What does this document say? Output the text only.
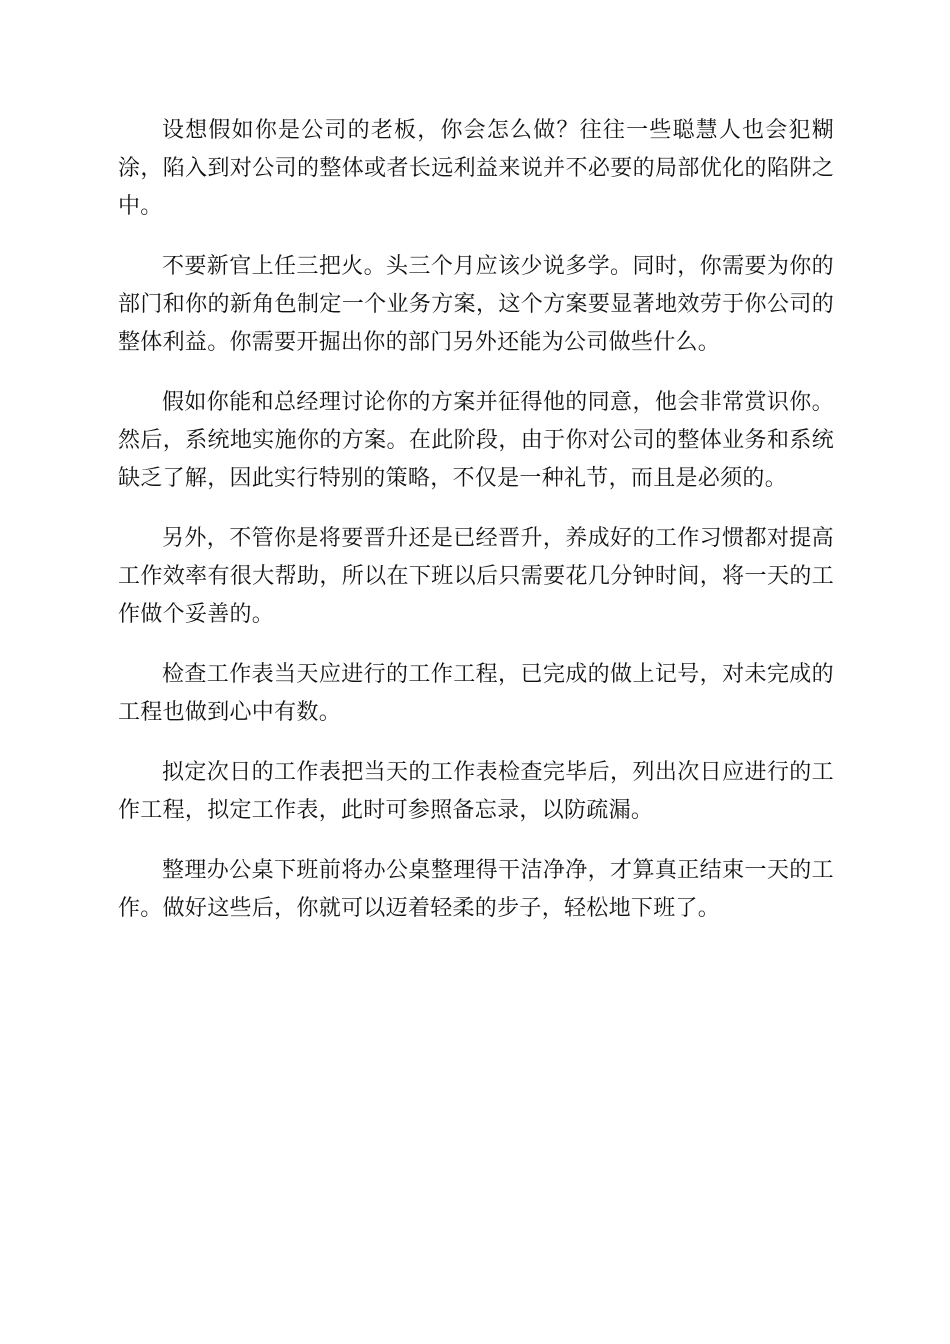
设想假如你是公司的老板，你会怎么做？往往一些聪慧人也会犯糊涂，陷入到对公司的整体或者长远利益来说并不必要的局部优化的陷阱之中。

不要新官上任三把火。头三个月应该少说多学。同时，你需要为你的部门和你的新角色制定一个业务方案，这个方案要显著地效劳于你公司的整体利益。你需要开掘出你的部门另外还能为公司做些什么。

假如你能和总经理讨论你的方案并征得他的同意，他会非常赏识你。然后，系统地实施你的方案。在此阶段，由于你对公司的整体业务和系统缺乏了解，因此实行特别的策略，不仅是一种礼节，而且是必须的。

另外，不管你是将要晋升还是已经晋升，养成好的工作习惯都对提高工作效率有很大帮助，所以在下班以后只需要花几分钟时间，将一天的工作做个妥善的。

检查工作表当天应进行的工作工程，已完成的做上记号，对未完成的工程也做到心中有数。

拟定次日的工作表把当天的工作表检查完毕后，列出次日应进行的工作工程，拟定工作表，此时可参照备忘录，以防疏漏。

整理办公桌下班前将办公桌整理得干洁净净，才算真正结束一天的工作。做好这些后，你就可以迈着轻柔的步子，轻松地下班了。
